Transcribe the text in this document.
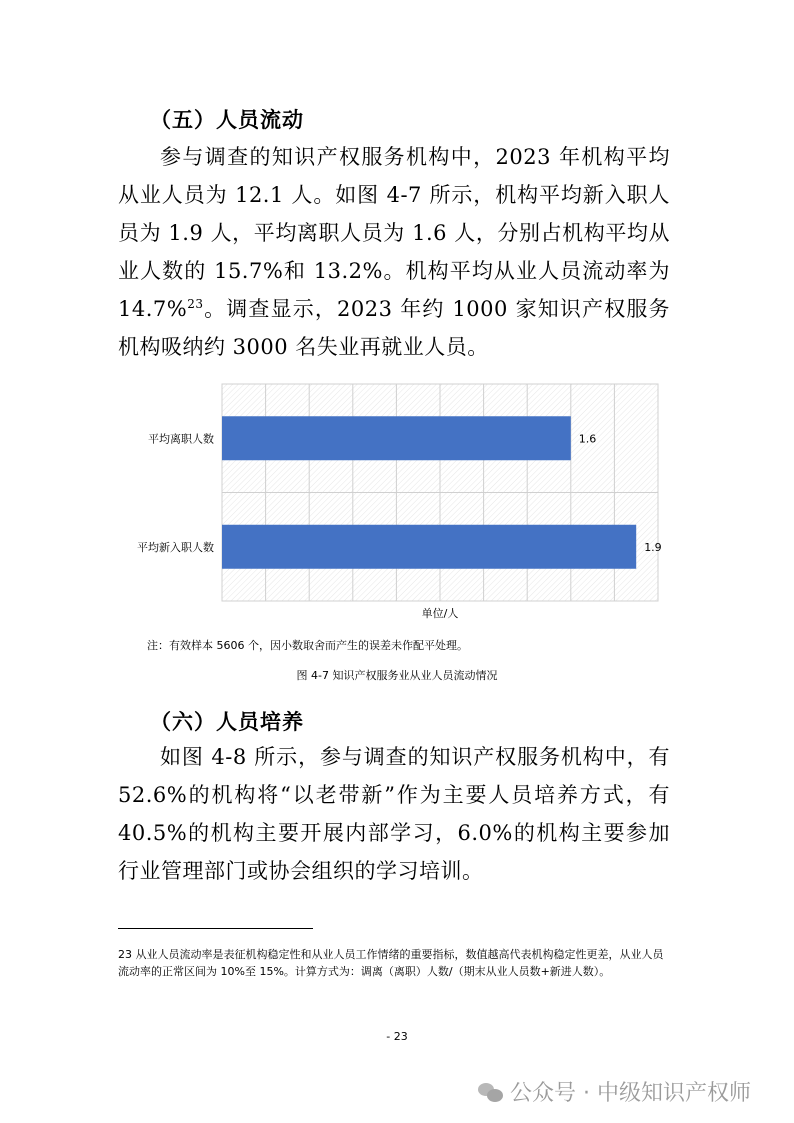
（五）人员流动
参与调查的知识产权服务机构中，2023 年机构平均从业人员为 12.1 人。如图 4-7 所示，机构平均新入职人员为 1.9 人，平均离职人员为 1.6 人，分别占机构平均从业人数的 15.7%和 13.2%。机构平均从业人员流动率为 14.7%$^{23}$。调查显示，2023 年约 1000 家知识产权服务机构吸纳约 3000 名失业再就业人员。
1.6
平均离职人数
1.9
平均新入职人数
单位/人
注：有效样本 5606 个，因小数取舍而产生的误差未作配平处理。
图 4-7 知识产权服务业从业人员流动情况
（六）人员培养
如图 4-8 所示，参与调查的知识产权服务机构中，有 52.6%的机构将“以老带新”作为主要人员培养方式，有 40.5%的机构主要开展内部学习，6.0%的机构主要参加行业管理部门或协会组织的学习培训。
23 从业人员流动率是表征机构稳定性和从业人员工作情绪的重要指标，数值越高代表机构稳定性更差，从业人员流动率的正常区间为 10%至 15%。计算方式为：调离（离职）人数/（期末从业人员数+新进人数）。
- 23
公众号 · 中级知识产权师
